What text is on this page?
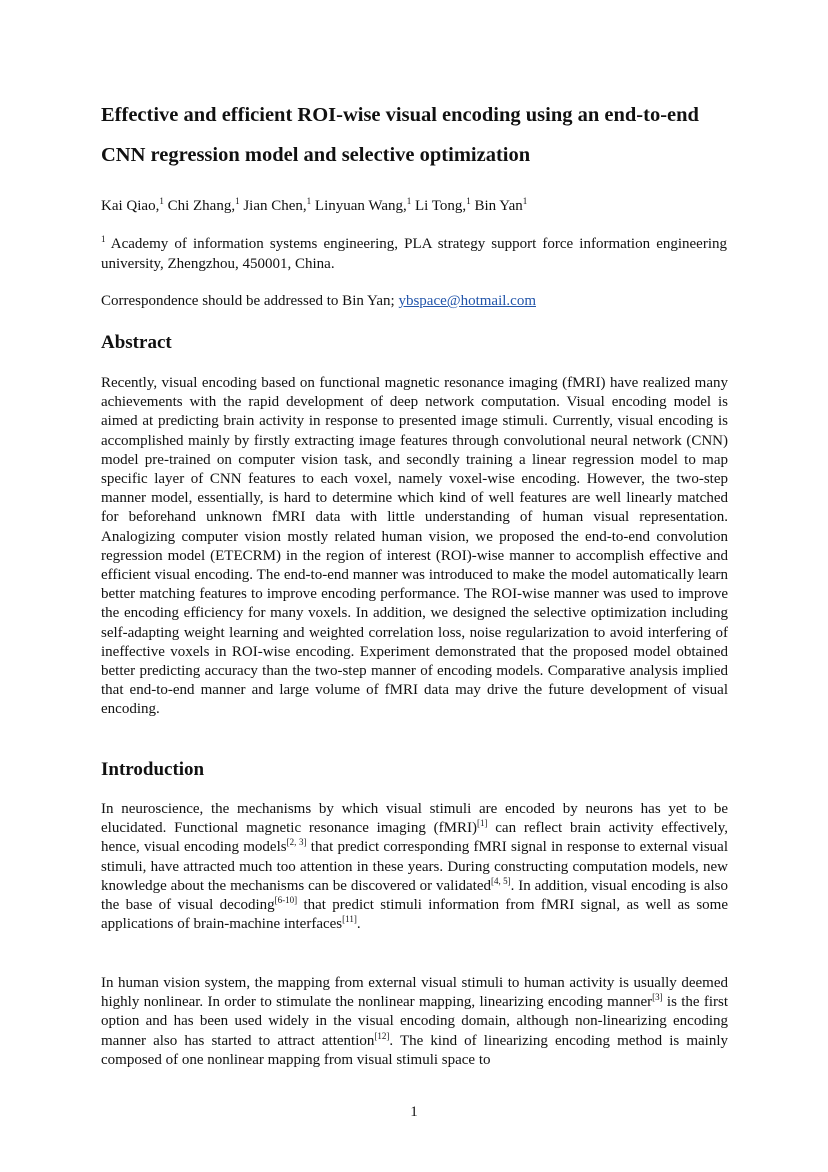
Effective and efficient ROI-wise visual encoding using an end-to-end CNN regression model and selective optimization

Kai Qiao,$^1$ Chi Zhang,$^1$ Jian Chen,$^1$ Linyuan Wang,$^1$ Li Tong,$^1$ Bin Yan$^1$

$^1$ Academy of information systems engineering, PLA strategy support force information engineering university, Zhengzhou, 450001, China.

Correspondence should be addressed to Bin Yan; ybspace@hotmail.com

Abstract

Recently, visual encoding based on functional magnetic resonance imaging (fMRI) have realized many achievements with the rapid development of deep network computation. Visual encoding model is aimed at predicting brain activity in response to presented image stimuli. Currently, visual encoding is accomplished mainly by firstly extracting image features through convolutional neural network (CNN) model pre-trained on computer vision task, and secondly training a linear regression model to map specific layer of CNN features to each voxel, namely voxel-wise encoding. However, the two-step manner model, essentially, is hard to determine which kind of well features are well linearly matched for beforehand unknown fMRI data with little understanding of human visual representation. Analogizing computer vision mostly related human vision, we proposed the end-to-end convolution regression model (ETECRM) in the region of interest (ROI)-wise manner to accomplish effective and efficient visual encoding. The end-to-end manner was introduced to make the model automatically learn better matching features to improve encoding performance. The ROI-wise manner was used to improve the encoding efficiency for many voxels. In addition, we designed the selective optimization including self-adapting weight learning and weighted correlation loss, noise regularization to avoid interfering of ineffective voxels in ROI-wise encoding. Experiment demonstrated that the proposed model obtained better predicting accuracy than the two-step manner of encoding models. Comparative analysis implied that end-to-end manner and large volume of fMRI data may drive the future development of visual encoding.

Introduction

In neuroscience, the mechanisms by which visual stimuli are encoded by neurons has yet to be elucidated. Functional magnetic resonance imaging (fMRI)[1] can reflect brain activity effectively, hence, visual encoding models[2, 3] that predict corresponding fMRI signal in response to external visual stimuli, have attracted much too attention in these years. During constructing computation models, new knowledge about the mechanisms can be discovered or validated[4, 5]. In addition, visual encoding is also the base of visual decoding[6-10] that predict stimuli information from fMRI signal, as well as some applications of brain-machine interfaces[11].

In human vision system, the mapping from external visual stimuli to human activity is usually deemed highly nonlinear. In order to stimulate the nonlinear mapping, linearizing encoding manner[3] is the first option and has been used widely in the visual encoding domain, although non-linearizing encoding manner also has started to attract attention[12]. The kind of linearizing encoding method is mainly composed of one nonlinear mapping from visual stimuli space to

1
